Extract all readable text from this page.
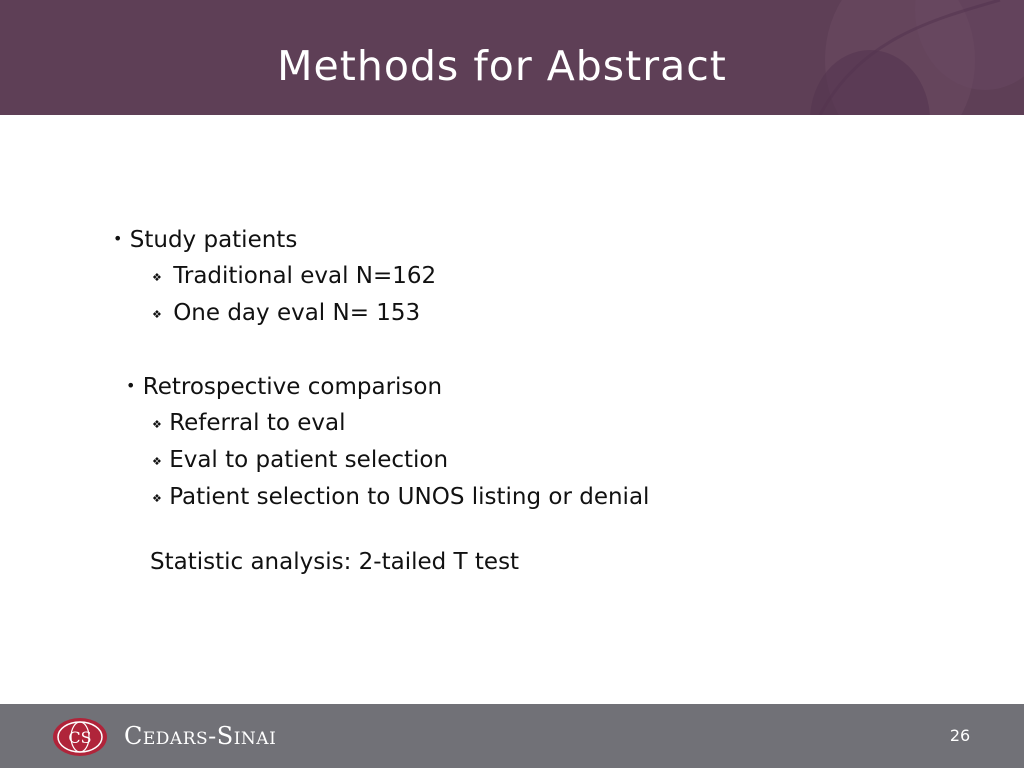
Methods for Abstract
• Study patients
❖ Traditional eval N=162
❖ One day eval N= 153
• Retrospective comparison
❖ Referral to eval
❖ Eval to patient selection
❖ Patient selection to UNOS listing or denial
Statistic analysis: 2-tailed T test
CS CEDARS-SINAI	26
